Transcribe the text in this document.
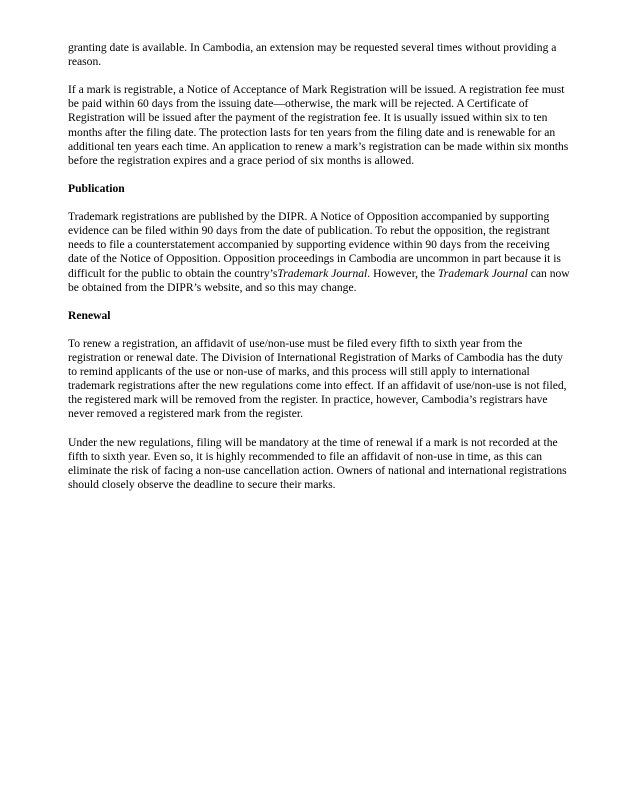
granting date is available. In Cambodia, an extension may be requested several times without providing a reason.

If a mark is registrable, a Notice of Acceptance of Mark Registration will be issued. A registration fee must be paid within 60 days from the issuing date—otherwise, the mark will be rejected. A Certificate of Registration will be issued after the payment of the registration fee. It is usually issued within six to ten months after the filing date. The protection lasts for ten years from the filing date and is renewable for an additional ten years each time. An application to renew a mark’s registration can be made within six months before the registration expires and a grace period of six months is allowed.

Publication

Trademark registrations are published by the DIPR. A Notice of Opposition accompanied by supporting evidence can be filed within 90 days from the date of publication. To rebut the opposition, the registrant needs to file a counterstatement accompanied by supporting evidence within 90 days from the receiving date of the Notice of Opposition. Opposition proceedings in Cambodia are uncommon in part because it is difficult for the public to obtain the country’sTrademark Journal. However, the Trademark Journal can now be obtained from the DIPR’s website, and so this may change.

Renewal

To renew a registration, an affidavit of use/non-use must be filed every fifth to sixth year from the registration or renewal date. The Division of International Registration of Marks of Cambodia has the duty to remind applicants of the use or non-use of marks, and this process will still apply to international trademark registrations after the new regulations come into effect. If an affidavit of use/non-use is not filed, the registered mark will be removed from the register. In practice, however, Cambodia’s registrars have never removed a registered mark from the register.

Under the new regulations, filing will be mandatory at the time of renewal if a mark is not recorded at the fifth to sixth year. Even so, it is highly recommended to file an affidavit of non-use in time, as this can eliminate the risk of facing a non-use cancellation action. Owners of national and international registrations should closely observe the deadline to secure their marks.
